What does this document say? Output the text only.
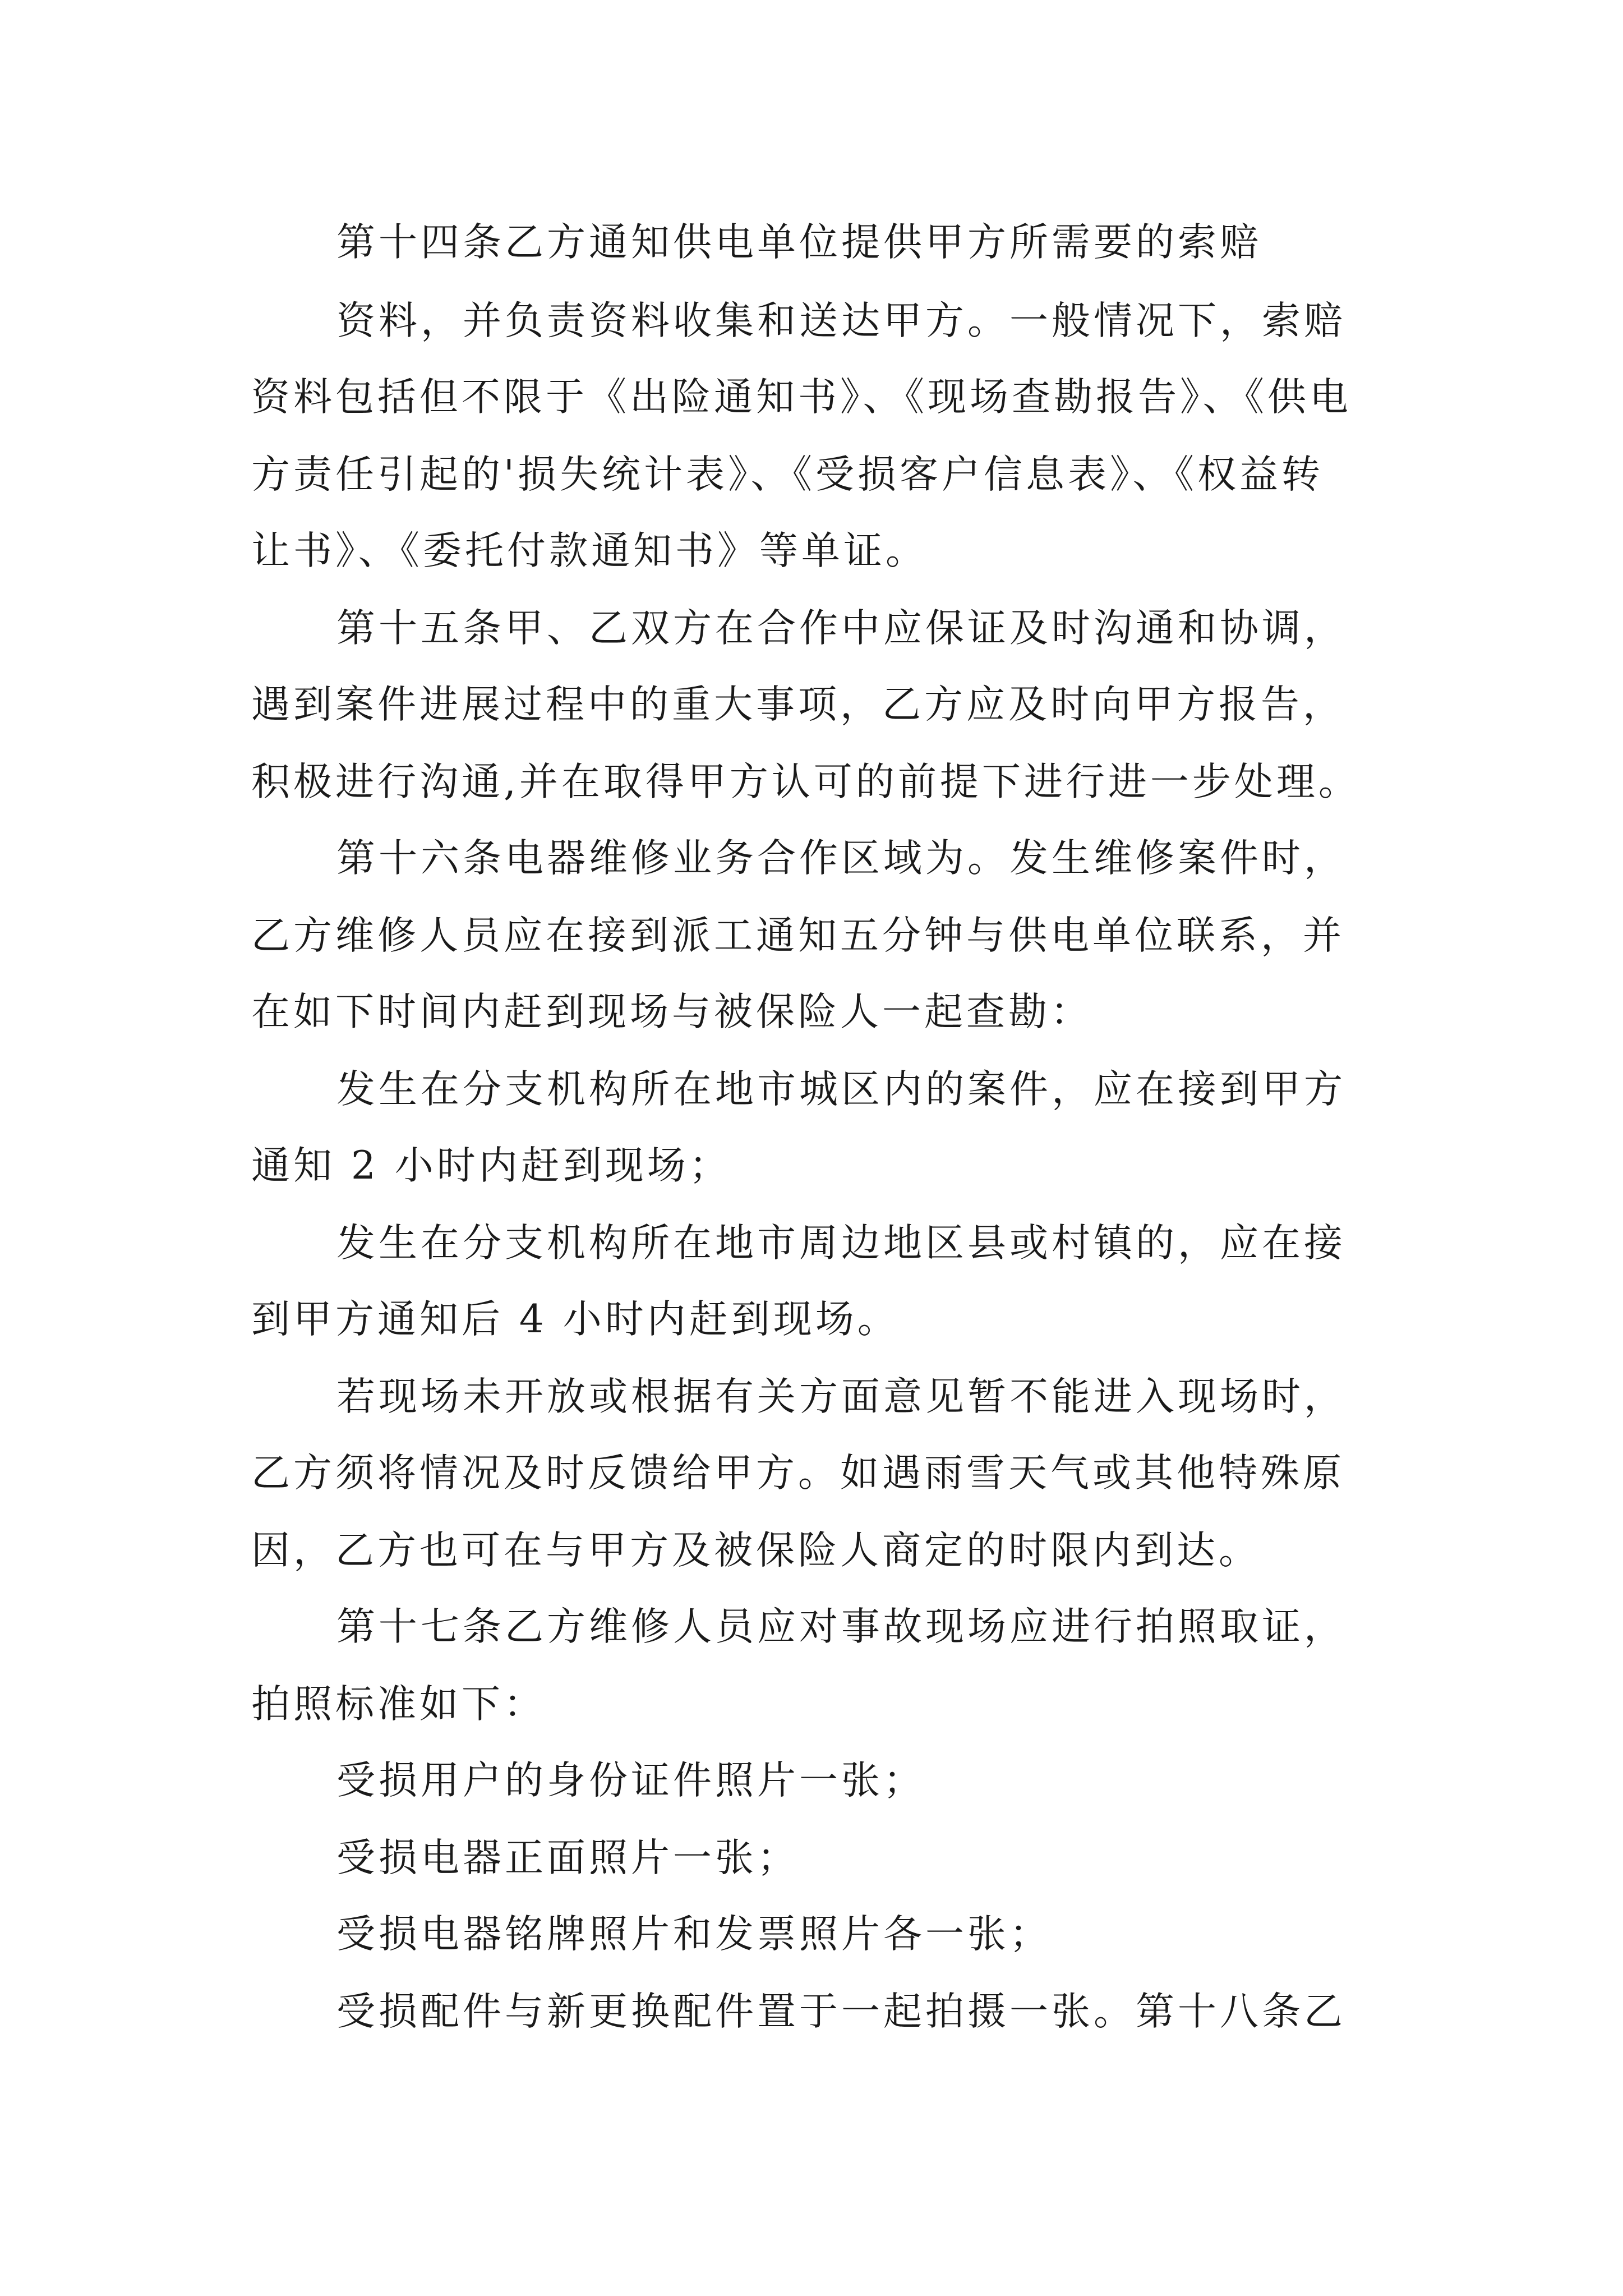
第十四条乙方通知供电单位提供甲方所需要的索赔
资料，并负责资料收集和送达甲方。一般情况下，索赔
资料包括但不限于《出险通知书》、《现场查勘报告》、《供电
方责任引起的'损失统计表》、《受损客户信息表》、《权益转
让书》、《委托付款通知书》等单证。
第十五条甲、乙双方在合作中应保证及时沟通和协调，
遇到案件进展过程中的重大事项，乙方应及时向甲方报告，
积极进行沟通,并在取得甲方认可的前提下进行进一步处理。
第十六条电器维修业务合作区域为。发生维修案件时，
乙方维修人员应在接到派工通知五分钟与供电单位联系，并
在如下时间内赶到现场与被保险人一起查勘：
发生在分支机构所在地市城区内的案件，应在接到甲方
通知 2 小时内赶到现场；
发生在分支机构所在地市周边地区县或村镇的，应在接
到甲方通知后 4 小时内赶到现场。
若现场未开放或根据有关方面意见暂不能进入现场时，
乙方须将情况及时反馈给甲方。如遇雨雪天气或其他特殊原
因，乙方也可在与甲方及被保险人商定的时限内到达。
第十七条乙方维修人员应对事故现场应进行拍照取证，
拍照标准如下：
受损用户的身份证件照片一张；
受损电器正面照片一张；
受损电器铭牌照片和发票照片各一张；
受损配件与新更换配件置于一起拍摄一张。第十八条乙
